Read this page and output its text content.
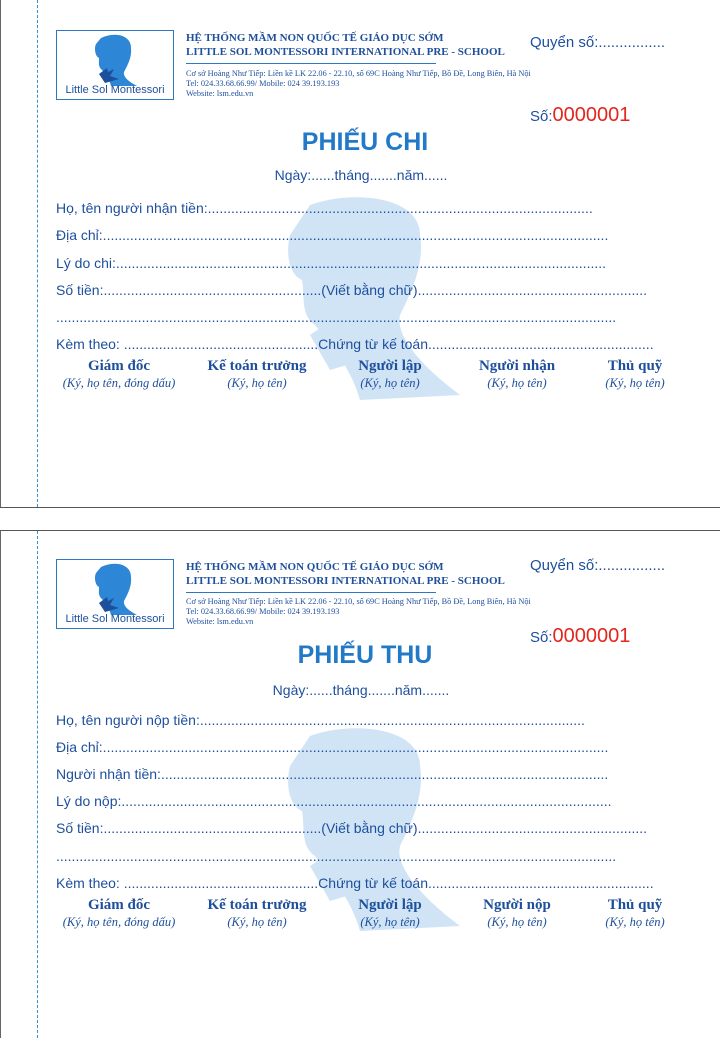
Little Sol Montessori
HỆ THỐNG MẦM NON QUỐC TẾ GIÁO DỤC SỚM
LITTLE SOL MONTESSORI INTERNATIONAL PRE - SCHOOL
Cơ sở Hoàng Như Tiếp: Liền kề LK 22.06 - 22.10, số 69C Hoàng Như Tiếp, Bồ Đề, Long Biên, Hà Nội
Tel: 024.33.68.66.99/ Mobile: 024 39.193.193
Website: lsm.edu.vn
Quyển số:................
Số:0000001
PHIẾU CHI
Ngày:......tháng.......năm......
Họ, tên người nhận tiền:...................................................................................................
Địa chỉ:..................................................................................................................................
Lý do chi:..............................................................................................................................
Số tiền:........................................................(Viết bằng chữ)...........................................................
................................................................................................................................................
Kèm theo: ..................................................Chứng từ kế toán..........................................................
Giám đốc
(Ký, họ tên, đóng dấu)
Kế toán trưởng
(Ký, họ tên)
Người lập
(Ký, họ tên)
Người nhận
(Ký, họ tên)
Thủ quỹ
(Ký, họ tên)
Little Sol Montessori
HỆ THỐNG MẦM NON QUỐC TẾ GIÁO DỤC SỚM
LITTLE SOL MONTESSORI INTERNATIONAL PRE - SCHOOL
Cơ sở Hoàng Như Tiếp: Liền kề LK 22.06 - 22.10, số 69C Hoàng Như Tiếp, Bồ Đề, Long Biên, Hà Nội
Tel: 024.33.68.66.99/ Mobile: 024 39.193.193
Website: lsm.edu.vn
Quyển số:................
Số:0000001
PHIẾU THU
Ngày:......tháng.......năm.......
Họ, tên người nộp tiền:...................................................................................................
Địa chỉ:..................................................................................................................................
Người nhận tiền:...................................................................................................................
Lý do nộp:..............................................................................................................................
Số tiền:........................................................(Viết bằng chữ)...........................................................
................................................................................................................................................
Kèm theo: ..................................................Chứng từ kế toán..........................................................
Giám đốc
(Ký, họ tên, đóng dấu)
Kế toán trưởng
(Ký, họ tên)
Người lập
(Ký, họ tên)
Người nộp
(Ký, họ tên)
Thủ quỹ
(Ký, họ tên)
